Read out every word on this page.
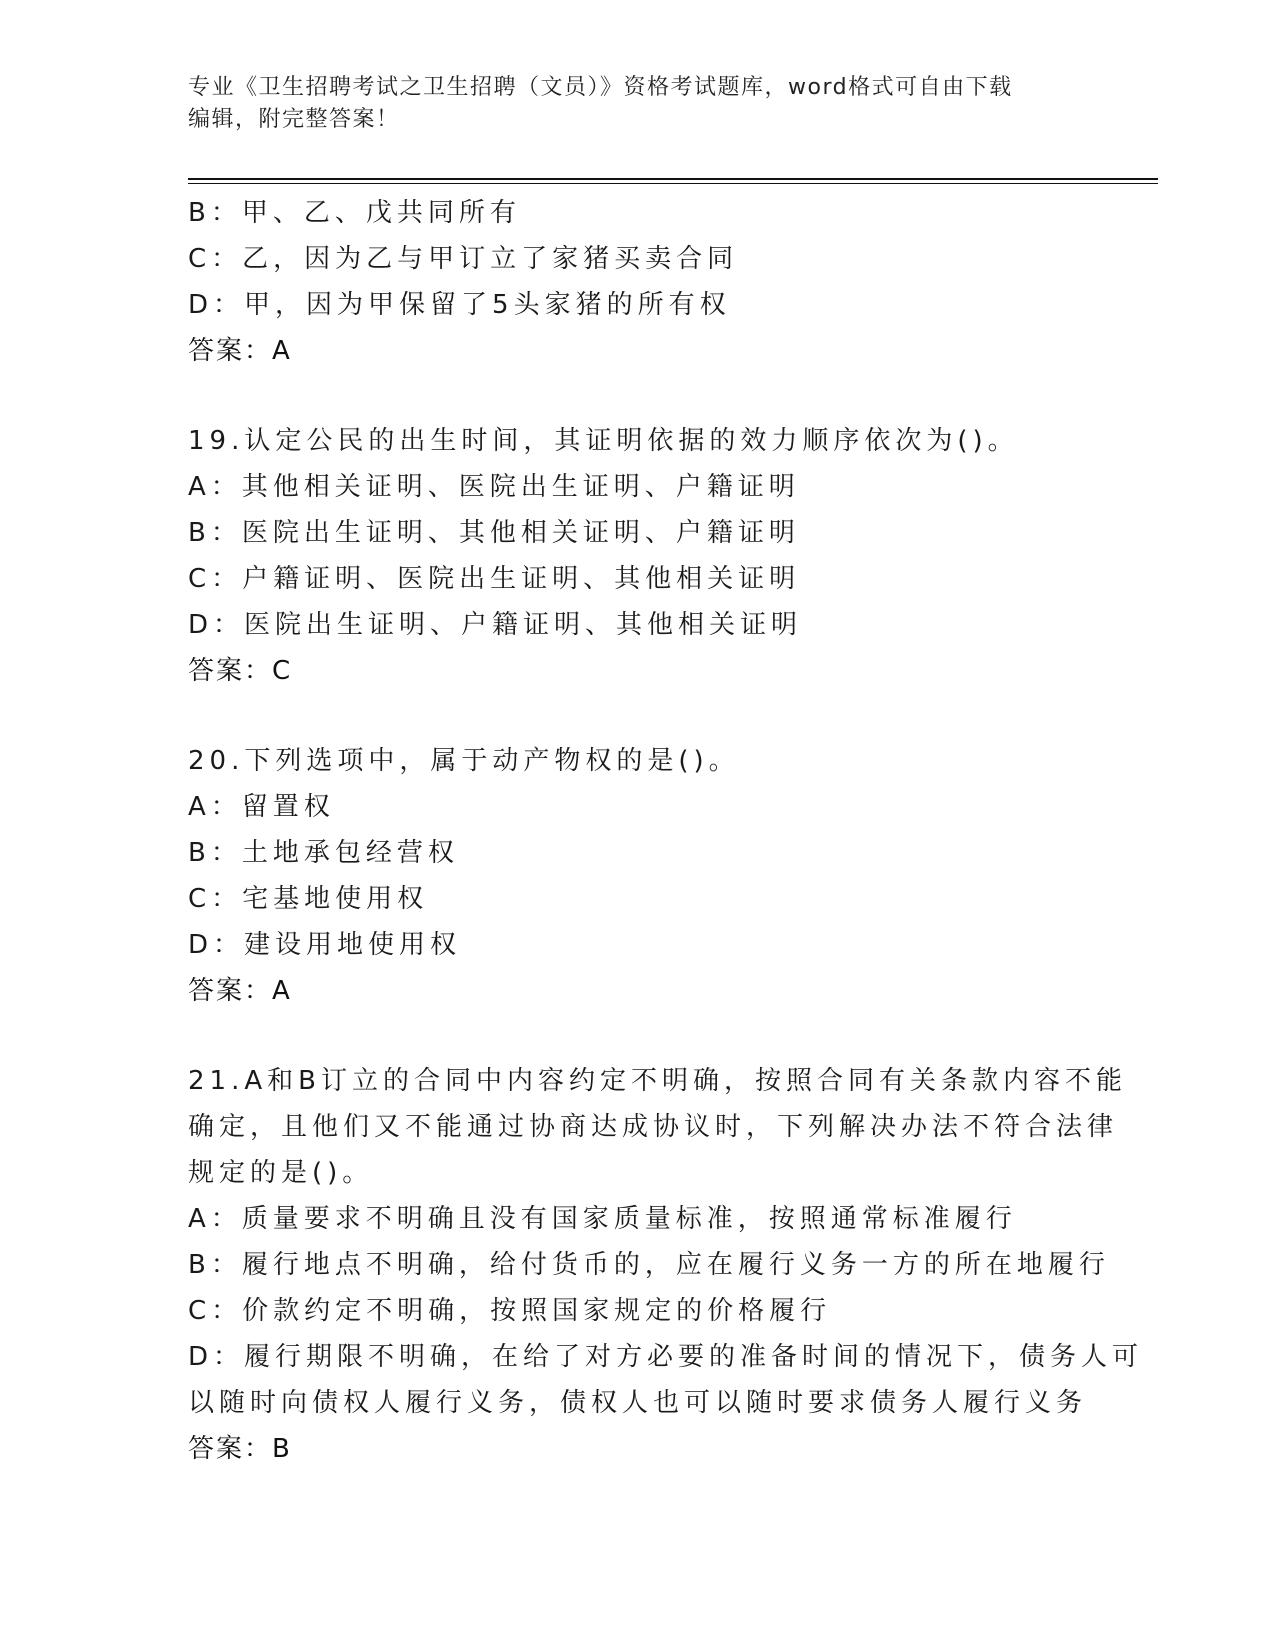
专业《卫生招聘考试之卫生招聘（文员）》资格考试题库，word格式可自由下载
编辑，附完整答案！
B：甲、乙、戊共同所有
C：乙，因为乙与甲订立了家猪买卖合同
D：甲，因为甲保留了5头家猪的所有权
答案：A
19.认定公民的出生时间，其证明依据的效力顺序依次为()。
A：其他相关证明、医院出生证明、户籍证明
B：医院出生证明、其他相关证明、户籍证明
C：户籍证明、医院出生证明、其他相关证明
D：医院出生证明、户籍证明、其他相关证明
答案：C
20.下列选项中，属于动产物权的是()。
A：留置权
B：土地承包经营权
C：宅基地使用权
D：建设用地使用权
答案：A
21.A和B订立的合同中内容约定不明确，按照合同有关条款内容不能
确定，且他们又不能通过协商达成协议时，下列解决办法不符合法律
规定的是()。
A：质量要求不明确且没有国家质量标准，按照通常标准履行
B：履行地点不明确，给付货币的，应在履行义务一方的所在地履行
C：价款约定不明确，按照国家规定的价格履行
D：履行期限不明确，在给了对方必要的准备时间的情况下，债务人可
以随时向债权人履行义务，债权人也可以随时要求债务人履行义务
答案：B
